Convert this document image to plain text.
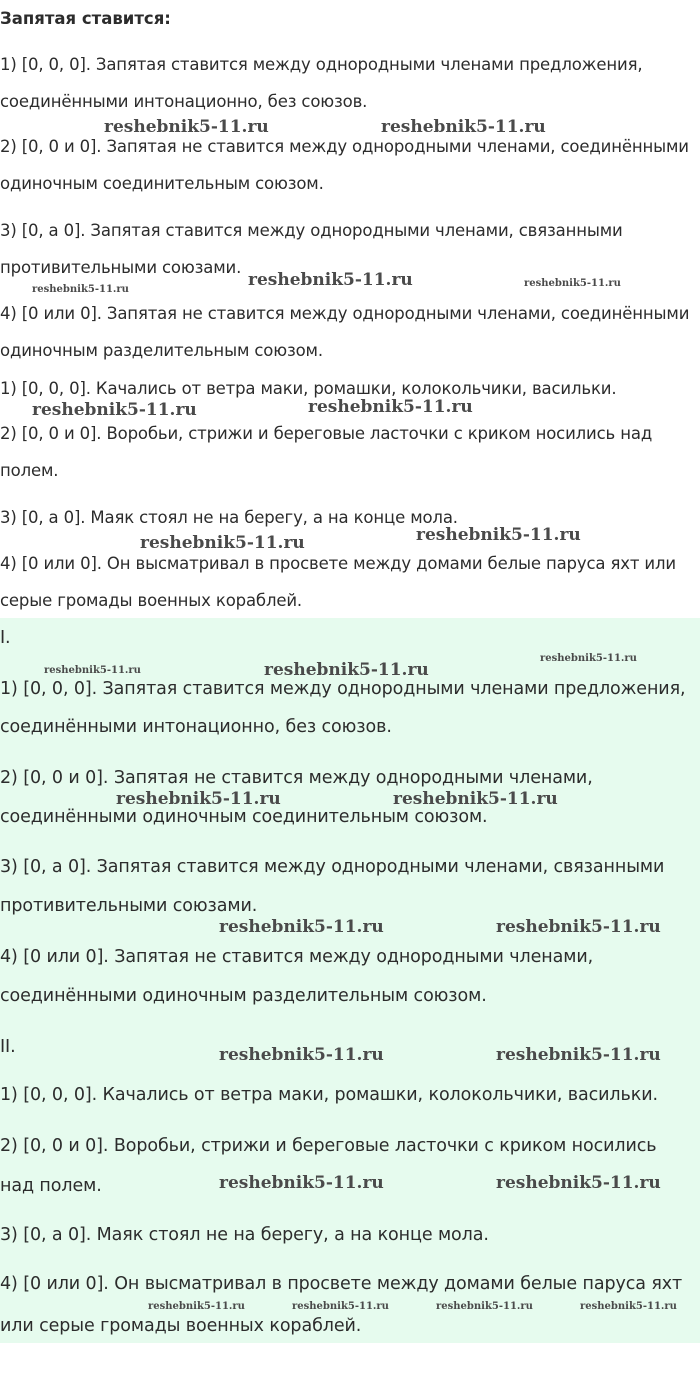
Запятая ставится:
1) [0, 0, 0]. Запятая ставится между однородными членами предложения,
соединёнными интонационно, без союзов.
2) [0, 0 и 0]. Запятая не ставится между однородными членами, соединёнными
одиночным соединительным союзом.
3) [0, а 0]. Запятая ставится между однородными членами, связанными
противительными союзами.
4) [0 или 0]. Запятая не ставится между однородными членами, соединёнными
одиночным разделительным союзом.
1) [0, 0, 0]. Качались от ветра маки, ромашки, колокольчики, васильки.
2) [0, 0 и 0]. Воробьи, стрижи и береговые ласточки с криком носились над
полем.
3) [0, а 0]. Маяк стоял не на берегу, а на конце мола.
4) [0 или 0]. Он высматривал в просвете между домами белые паруса яхт или
серые громады военных кораблей.
I.
1) [0, 0, 0]. Запятая ставится между однородными членами предложения,
соединёнными интонационно, без союзов.
2) [0, 0 и 0]. Запятая не ставится между однородными членами,
соединёнными одиночным соединительным союзом.
3) [0, а 0]. Запятая ставится между однородными членами, связанными
противительными союзами.
4) [0 или 0]. Запятая не ставится между однородными членами,
соединёнными одиночным разделительным союзом.
II.
1) [0, 0, 0]. Качались от ветра маки, ромашки, колокольчики, васильки.
2) [0, 0 и 0]. Воробьи, стрижи и береговые ласточки с криком носились
над полем.
3) [0, а 0]. Маяк стоял не на берегу, а на конце мола.
4) [0 или 0]. Он высматривал в просвете между домами белые паруса яхт
или серые громады военных кораблей.
reshebnik5-11.ru	reshebnik5-11.ru
reshebnik5-11.ru	reshebnik5-11.ru
reshebnik5-11.ru
reshebnik5-11.ru	reshebnik5-11.ru
reshebnik5-11.ru
reshebnik5-11.ru
reshebnik5-11.ru
reshebnik5-11.ru	reshebnik5-11.ru
reshebnik5-11.ru	reshebnik5-11.ru
reshebnik5-11.ru	reshebnik5-11.ru
reshebnik5-11.ru	reshebnik5-11.ru
reshebnik5-11.ru	reshebnik5-11.ru
reshebnik5-11.ru	reshebnik5-11.ru	reshebnik5-11.ru	reshebnik5-11.ru
